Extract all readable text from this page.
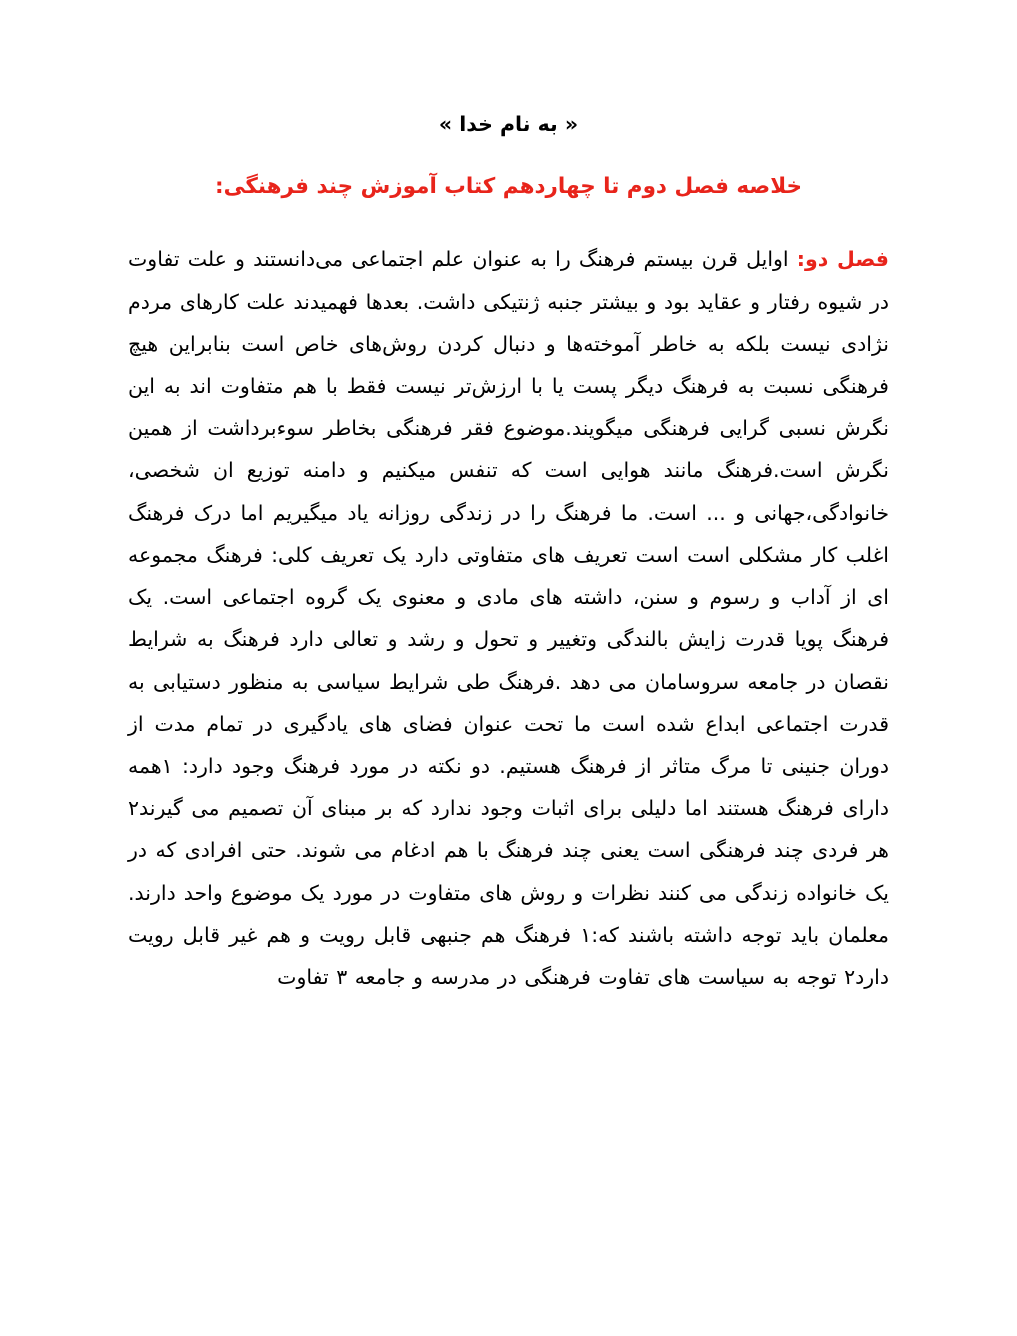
« به نام خدا »
خلاصه فصل دوم تا چهاردهم کتاب آموزش چند فرهنگی:

فصل دو: اوایل قرن بیستم فرهنگ را به عنوان علم اجتماعی می‌دانستند و علت تفاوت در شیوه رفتار و عقاید بود و بیشتر جنبه ژنتیکی داشت. بعدها فهمیدند علت کارهای مردم نژادی نیست بلکه به خاطر آموخته‌ها و دنبال کردن روش‌های خاص است بنابراین هیچ فرهنگی نسبت به فرهنگ دیگر پست یا با ارزش‌تر نیست فقط با هم متفاوت اند به این نگرش نسبی گرایی فرهنگی میگویند.موضوع فقر فرهنگی بخاطر سوءبرداشت از همین نگرش است.فرهنگ مانند هوایی است که تنفس میکنیم و دامنه توزیع ان شخصی، خانوادگی،جهانی و ... است. ما فرهنگ را در زندگی روزانه یاد میگیریم اما درک فرهنگ اغلب کار مشکلی است است تعریف های متفاوتی دارد یک تعریف کلی: فرهنگ مجموعه ای از آداب و رسوم و سنن، داشته های مادی و معنوی یک گروه اجتماعی است. یک فرهنگ پویا قدرت زایش بالندگی وتغییر و تحول و رشد و تعالی دارد فرهنگ به شرایط نقصان در جامعه سروسامان می دهد .فرهنگ طی شرایط سیاسی به منظور دستیابی به قدرت اجتماعی ابداع شده است ما تحت عنوان فضای های یادگیری در تمام مدت از دوران جنینی تا مرگ متاثر از فرهنگ هستیم. دو نکته در مورد فرهنگ وجود دارد: ۱همه دارای فرهنگ هستند اما دلیلی برای اثبات وجود ندارد که بر مبنای آن تصمیم می گیرند۲ هر فردی چند فرهنگی است یعنی چند فرهنگ با هم ادغام می شوند. حتی افرادی که در یک خانواده زندگی می کنند نظرات و روش های متفاوت در مورد یک موضوع واحد دارند. معلمان باید توجه داشته باشند که:۱ فرهنگ هم جنبهی قابل رویت و هم غیر قابل رویت دارد۲ توجه به سیاست های تفاوت فرهنگی در مدرسه و جامعه ۳ تفاوت
